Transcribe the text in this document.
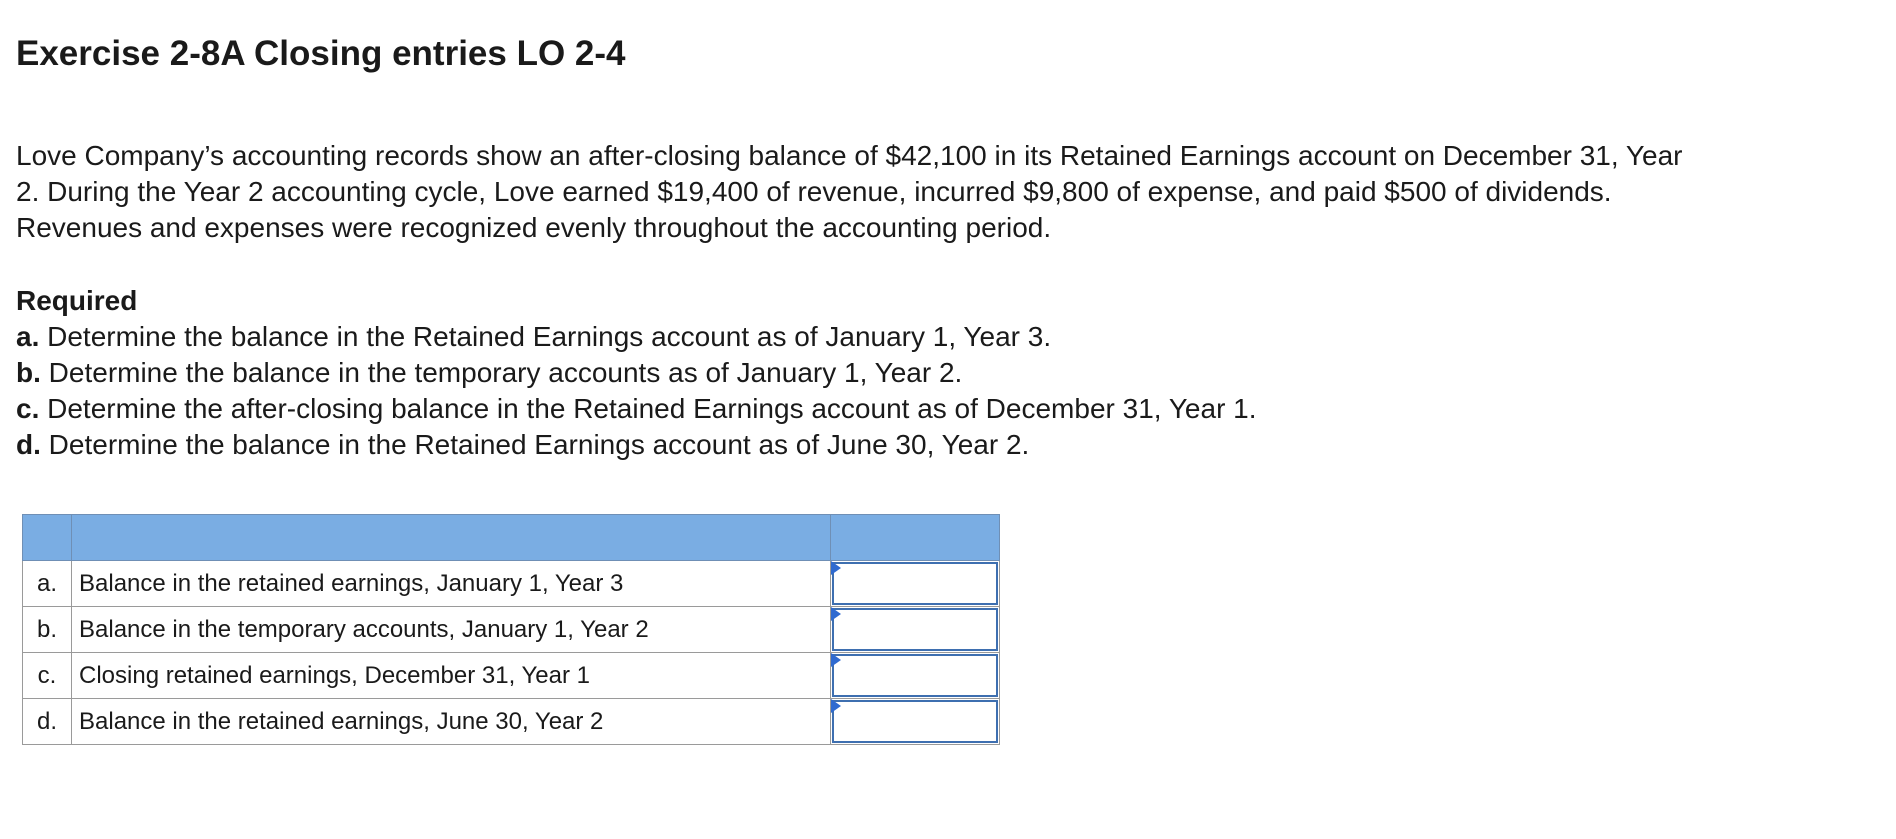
Exercise 2-8A Closing entries LO 2-4

Love Company’s accounting records show an after-closing balance of $42,100 in its Retained Earnings account on December 31, Year
2. During the Year 2 accounting cycle, Love earned $19,400 of revenue, incurred $9,800 of expense, and paid $500 of dividends.
Revenues and expenses were recognized evenly throughout the accounting period.

Required
a. Determine the balance in the Retained Earnings account as of January 1, Year 3.
b. Determine the balance in the temporary accounts as of January 1, Year 2.
c. Determine the after-closing balance in the Retained Earnings account as of December 31, Year 1.
d. Determine the balance in the Retained Earnings account as of June 30, Year 2.

a.	Balance in the retained earnings, January 1, Year 3	

b.	Balance in the temporary accounts, January 1, Year 2	

c.	Closing retained earnings, December 31, Year 1	

d.	Balance in the retained earnings, June 30, Year 2	
